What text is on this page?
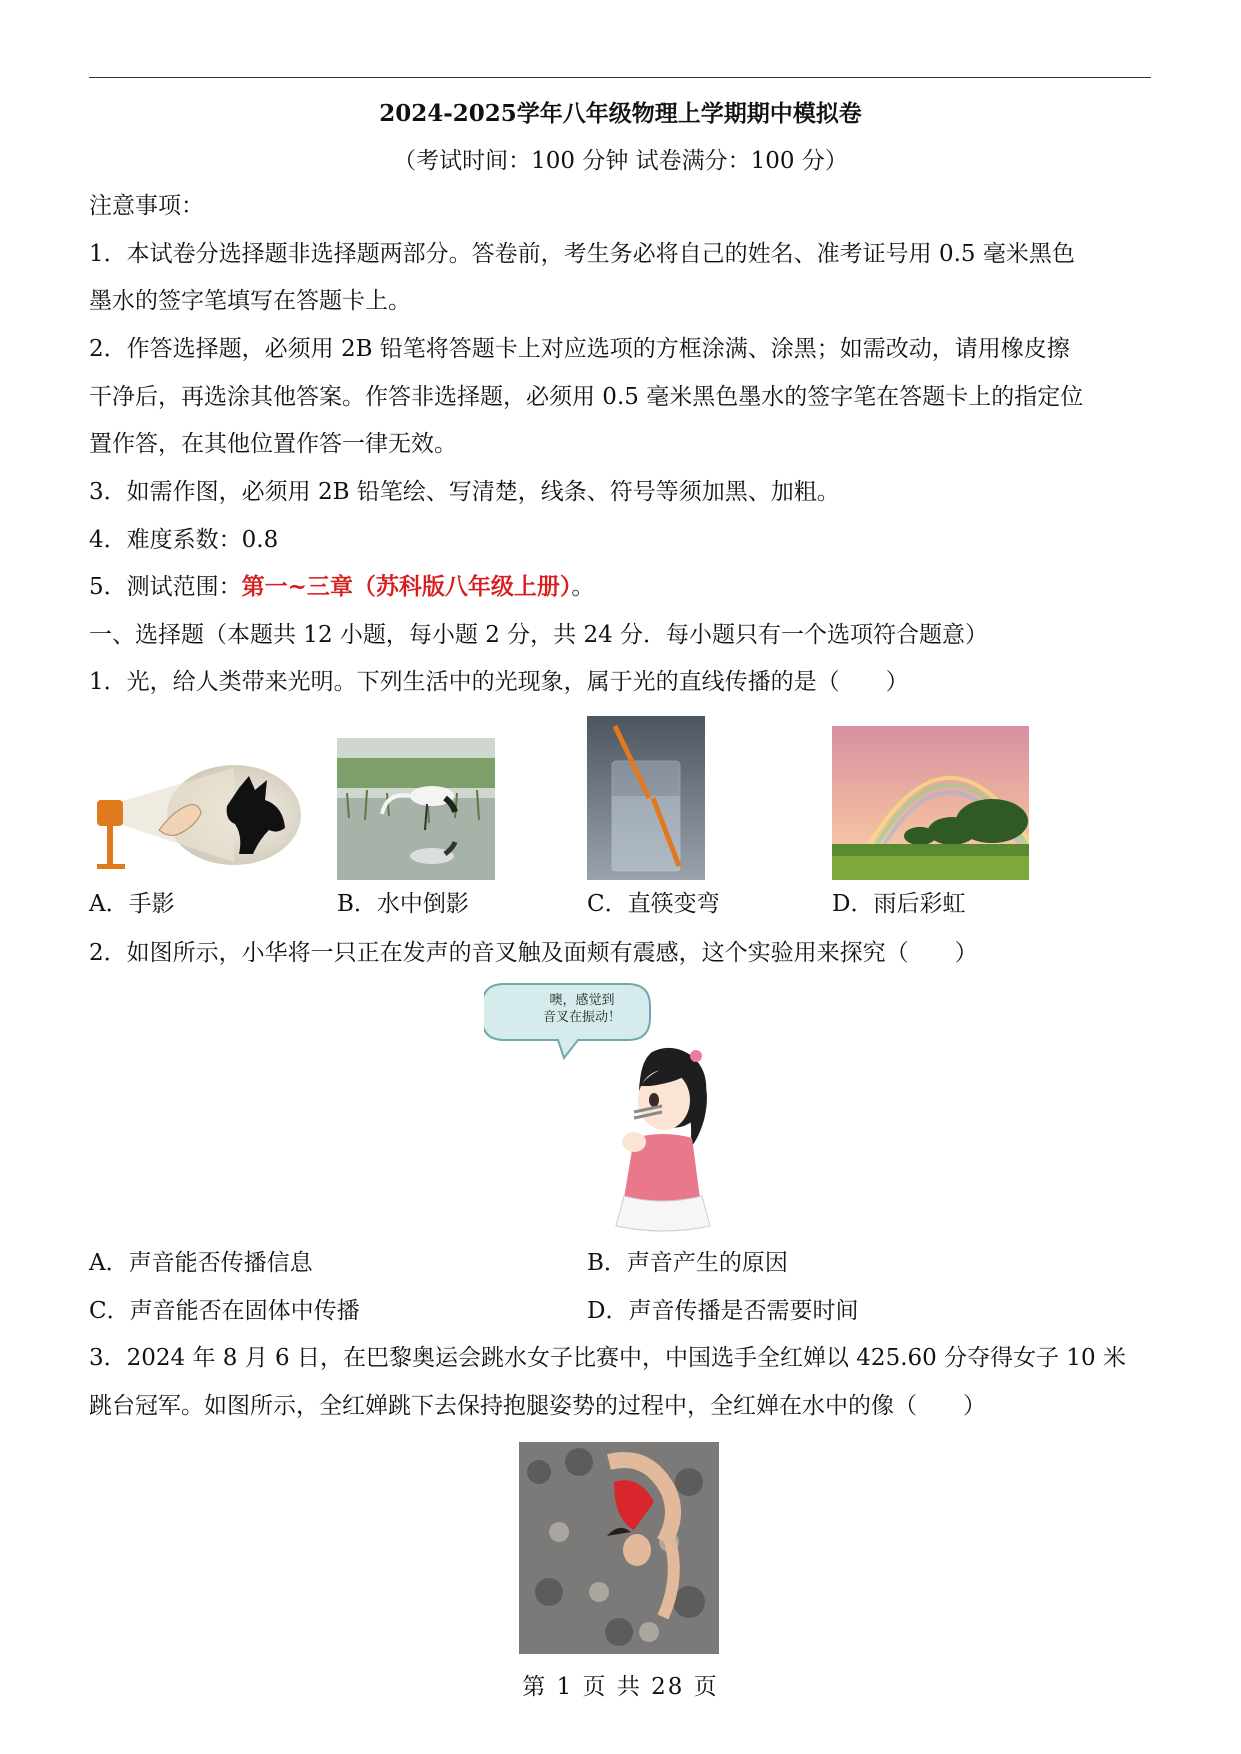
2024-2025学年八年级物理上学期期中模拟卷
（考试时间：100 分钟 试卷满分：100 分）
注意事项：
1．本试卷分选择题非选择题两部分。答卷前，考生务必将自己的姓名、准考证号用 0.5 毫米黑色
墨水的签字笔填写在答题卡上。
2．作答选择题，必须用 2B 铅笔将答题卡上对应选项的方框涂满、涂黑；如需改动，请用橡皮擦
干净后，再选涂其他答案。作答非选择题，必须用 0.5 毫米黑色墨水的签字笔在答题卡上的指定位
置作答，在其他位置作答一律无效。
3．如需作图，必须用 2B 铅笔绘、写清楚，线条、符号等须加黑、加粗。
4．难度系数：0.8
5．测试范围：第一~三章（苏科版八年级上册）。
一、选择题（本题共 12 小题，每小题 2 分，共 24 分．每小题只有一个选项符合题意）
1．光，给人类带来光明。下列生活中的光现象，属于光的直线传播的是（　　）
A．手影	B．水中倒影	C．直筷变弯	D．雨后彩虹
2．如图所示，小华将一只正在发声的音叉触及面颊有震感，这个实验用来探究（　　）
噢，感觉到
音叉在振动！
A．声音能否传播信息	B．声音产生的原因
C．声音能否在固体中传播	D．声音传播是否需要时间
3．2024 年 8 月 6 日，在巴黎奥运会跳水女子比赛中，中国选手全红婵以 425.60 分夺得女子 10 米
跳台冠军。如图所示，全红婵跳下去保持抱腿姿势的过程中，全红婵在水中的像（　　）
第 1 页 共 28 页
